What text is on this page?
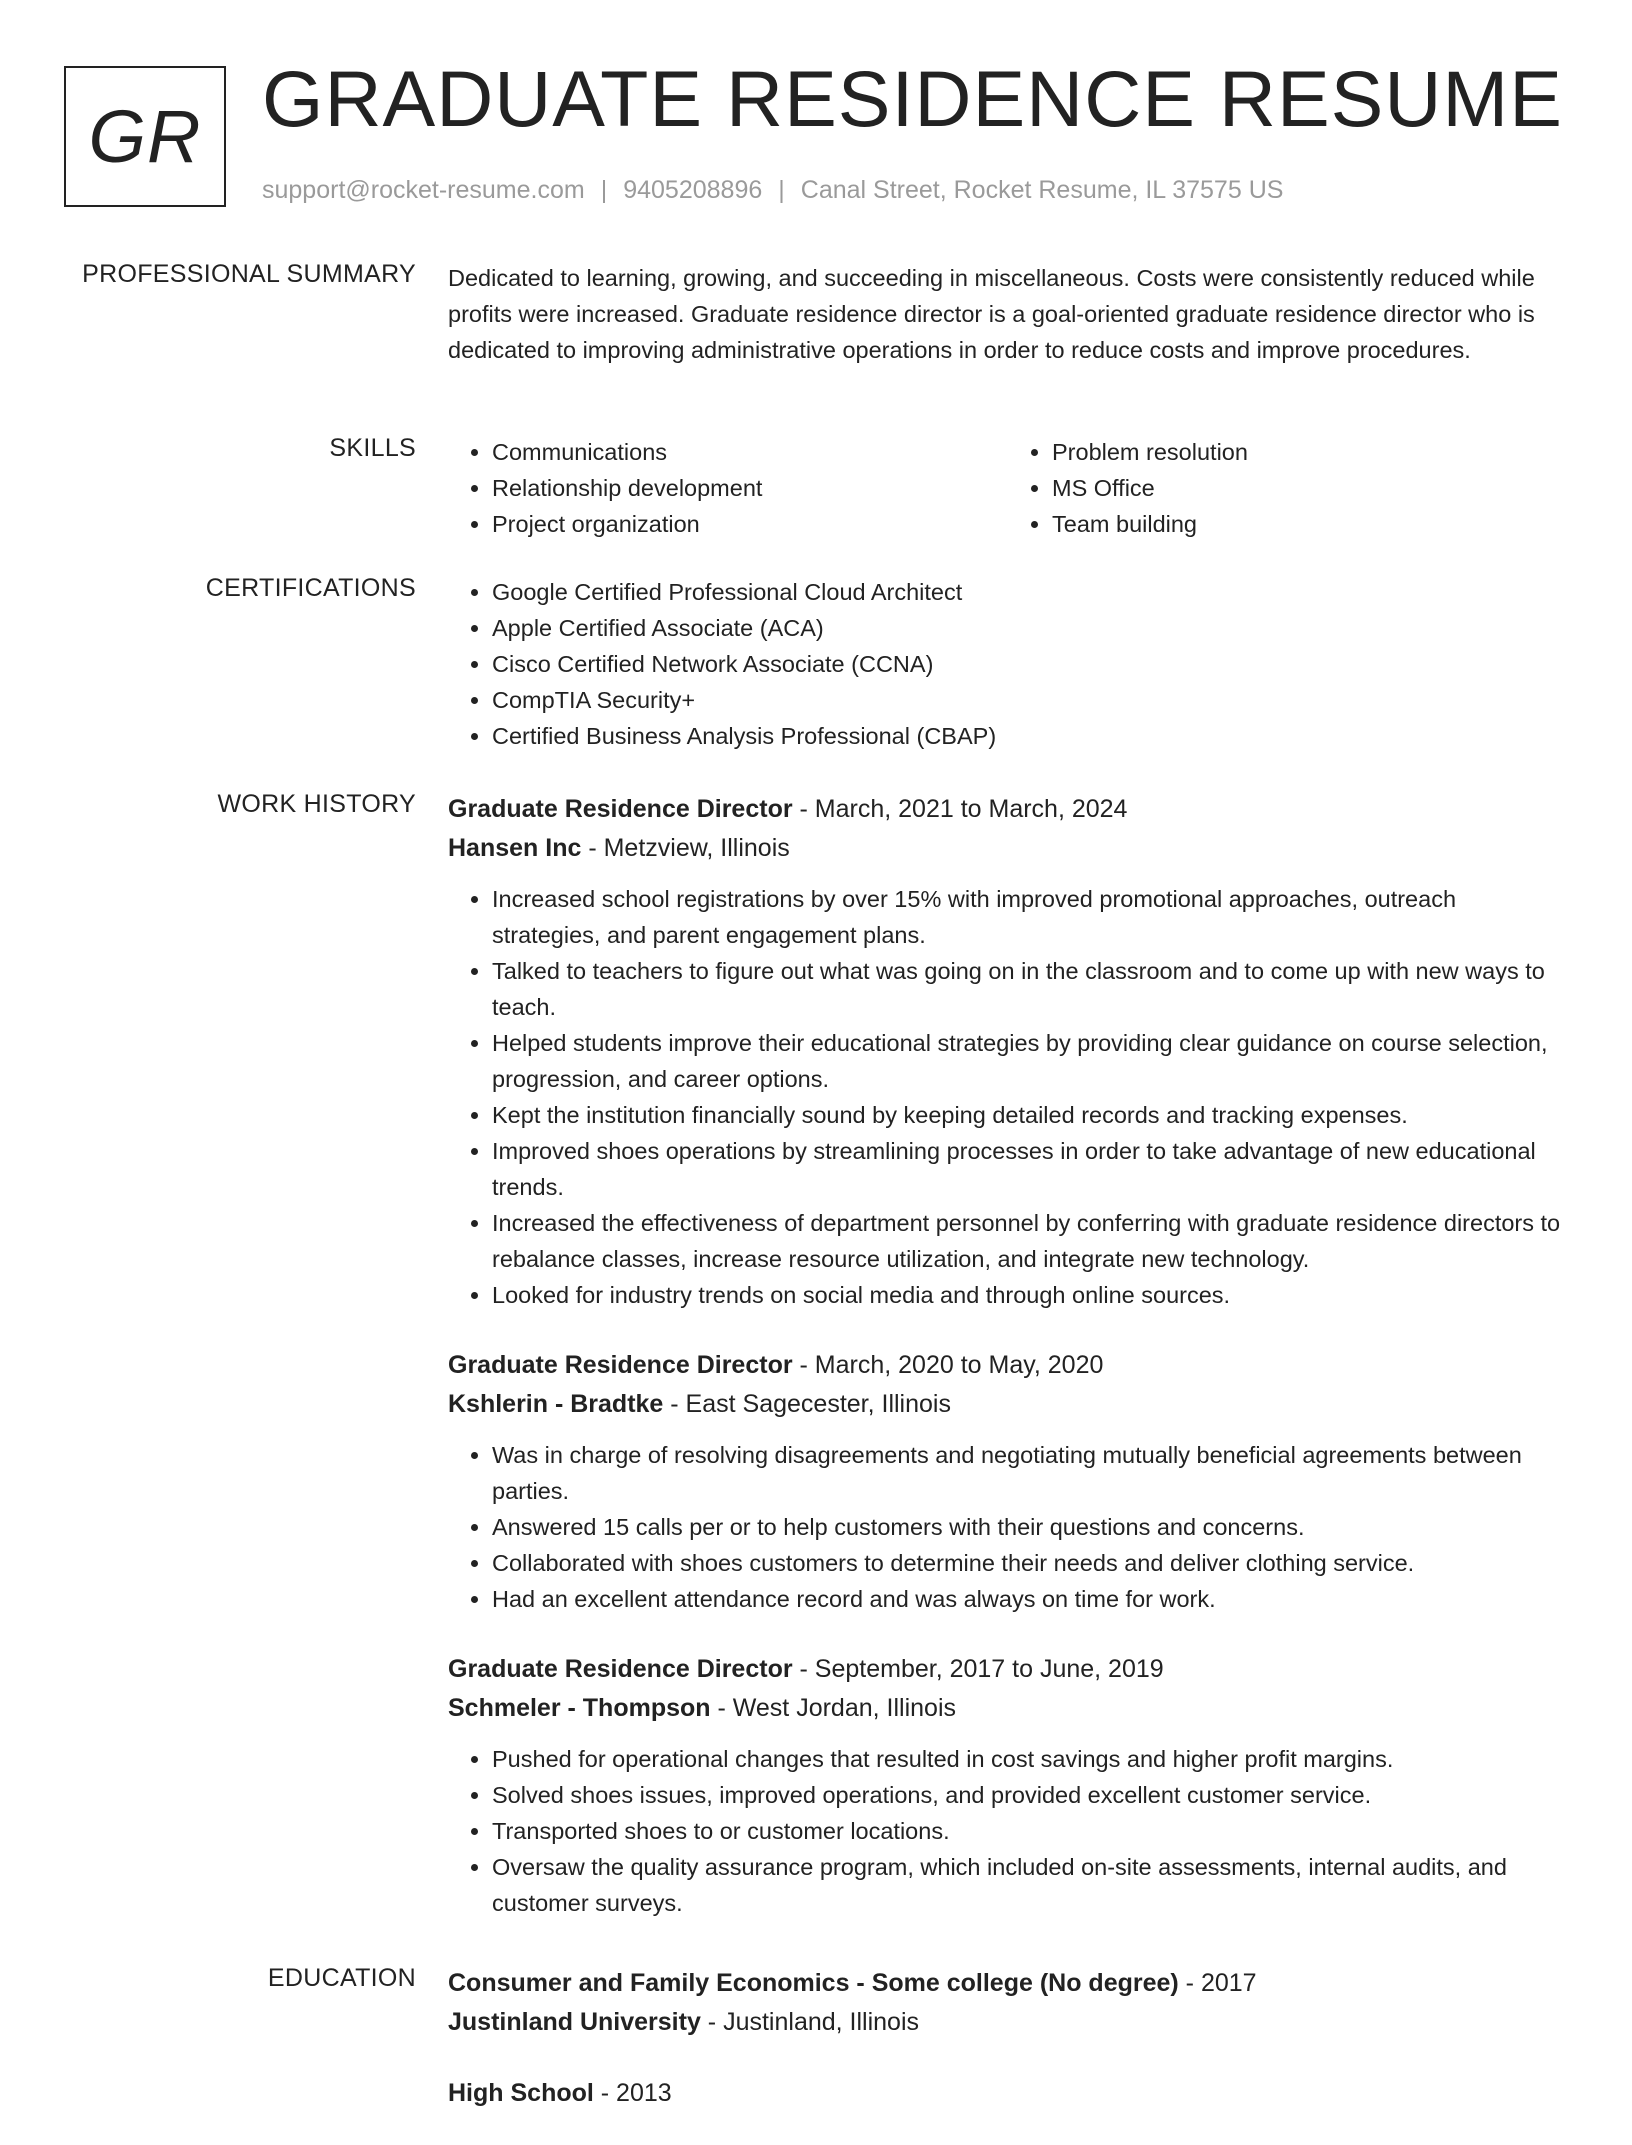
GR GRADUATE RESIDENCE RESUME
support@rocket-resume.com | 9405208896 | Canal Street, Rocket Resume, IL 37575 US
PROFESSIONAL SUMMARY Dedicated to learning, growing, and succeeding in miscellaneous. Costs were consistently reduced while profits were increased. Graduate residence director is a goal-oriented graduate residence director who is dedicated to improving administrative operations in order to reduce costs and improve procedures.
SKILLS	• Communications
• Relationship development
• Project organization
• Problem resolution
• MS Office
• Team building
CERTIFICATIONS	• Google Certified Professional Cloud Architect
• Apple Certified Associate (ACA)
• Cisco Certified Network Associate (CCNA)
• CompTIA Security+
• Certified Business Analysis Professional (CBAP)
WORK HISTORY Graduate Residence Director - March, 2021 to March, 2024
Hansen Inc - Metzview, Illinois
• Increased school registrations by over 15% with improved promotional approaches, outreach strategies, and parent engagement plans.
• Talked to teachers to figure out what was going on in the classroom and to come up with new ways to teach.
• Helped students improve their educational strategies by providing clear guidance on course selection, progression, and career options.
• Kept the institution financially sound by keeping detailed records and tracking expenses.
• Improved shoes operations by streamlining processes in order to take advantage of new educational trends.
• Increased the effectiveness of department personnel by conferring with graduate residence directors to rebalance classes, increase resource utilization, and integrate new technology.
• Looked for industry trends on social media and through online sources.
Graduate Residence Director - March, 2020 to May, 2020
Kshlerin - Bradtke - East Sagecester, Illinois
• Was in charge of resolving disagreements and negotiating mutually beneficial agreements between parties.
• Answered 15 calls per or to help customers with their questions and concerns.
• Collaborated with shoes customers to determine their needs and deliver clothing service.
• Had an excellent attendance record and was always on time for work.
Graduate Residence Director - September, 2017 to June, 2019
Schmeler - Thompson - West Jordan, Illinois
• Pushed for operational changes that resulted in cost savings and higher profit margins.
• Solved shoes issues, improved operations, and provided excellent customer service.
• Transported shoes to or customer locations.
• Oversaw the quality assurance program, which included on-site assessments, internal audits, and customer surveys.
EDUCATION Consumer and Family Economics - Some college (No degree) - 2017
Justinland University - Justinland, Illinois
High School - 2013
